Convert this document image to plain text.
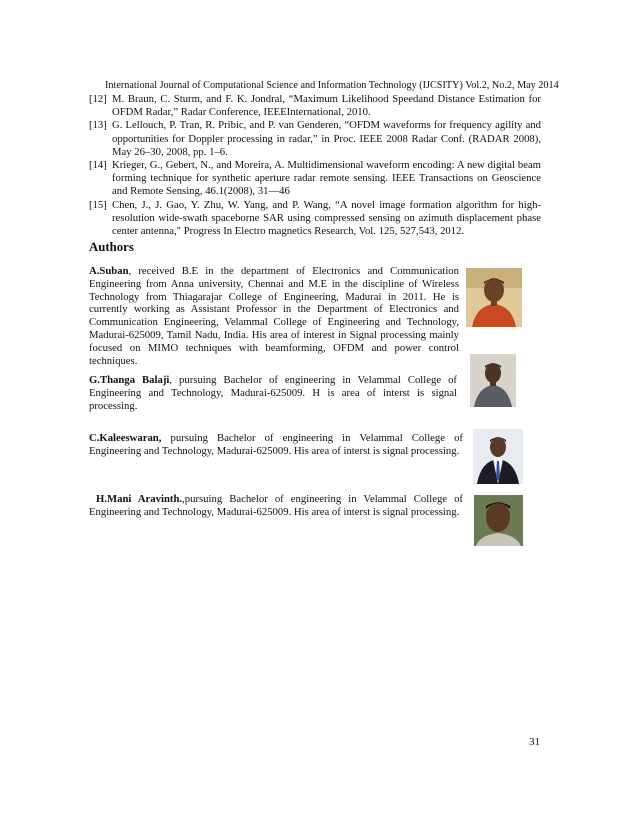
International Journal of Computational Science and Information Technology (IJCSITY) Vol.2, No.2, May 2014
[12] M. Braun, C. Sturm, and F. K. Jondral, “Maximum Likelihood Speedand Distance Estimation for OFDM Radar,” Radar Conference, IEEEInternational, 2010.
[13] G. Lellouch, P. Tran, R. Pribic, and P. van Genderen, “OFDM waveforms for frequency agility and opportunities for Doppler processing in radar,” in Proc. IEEE 2008 Radar Conf. (RADAR 2008), May 26–30, 2008, pp. 1–6.
[14] Krieger, G., Gebert, N., and Moreira, A. Multidimensional waveform encoding: A new digital beam forming technique for synthetic aperture radar remote sensing. IEEE Transactions on Geoscience and Remote Sensing, 46.1(2008), 31—46
[15] Chen, J., J. Gao, Y. Zhu, W. Yang, and P. Wang, “A novel image formation algorithm for high-resolution wide-swath spaceborne SAR using compressed sensing on azimuth displacement phase center antenna," Progress In Electro magnetics Research, Vol. 125, 527,543, 2012.
Authors
A.Suban, received B.E in the department of Electronics and Communication Engineering from Anna university, Chennai and M.E in the discipline of Wireless Technology from Thiagarajar College of Engineering, Madurai in 2011. He is currently working as Assistant Professor in the Department of Electronics and Communication Engineering, Velammal College of Engineering and Technology, Madurai-625009, Tamil Nadu, India. His area of interest in Signal processing mainly focused on MIMO techniques with beamforming, OFDM and power control techniques.
G.Thanga Balaji, pursuing Bachelor of engineering in Velammal College of Engineering and Technology, Madurai-625009. H is area of interst is signal processing.
C.Kaleeswaran, pursuing Bachelor of engineering in Velammal College of Engineering and Technology, Madurai-625009. His area of interst is signal processing.
H.Mani Aravinth.,pursuing Bachelor of engineering in Velammal College of Engineering and Technology, Madurai-625009. His area of interst is signal processing.
31
